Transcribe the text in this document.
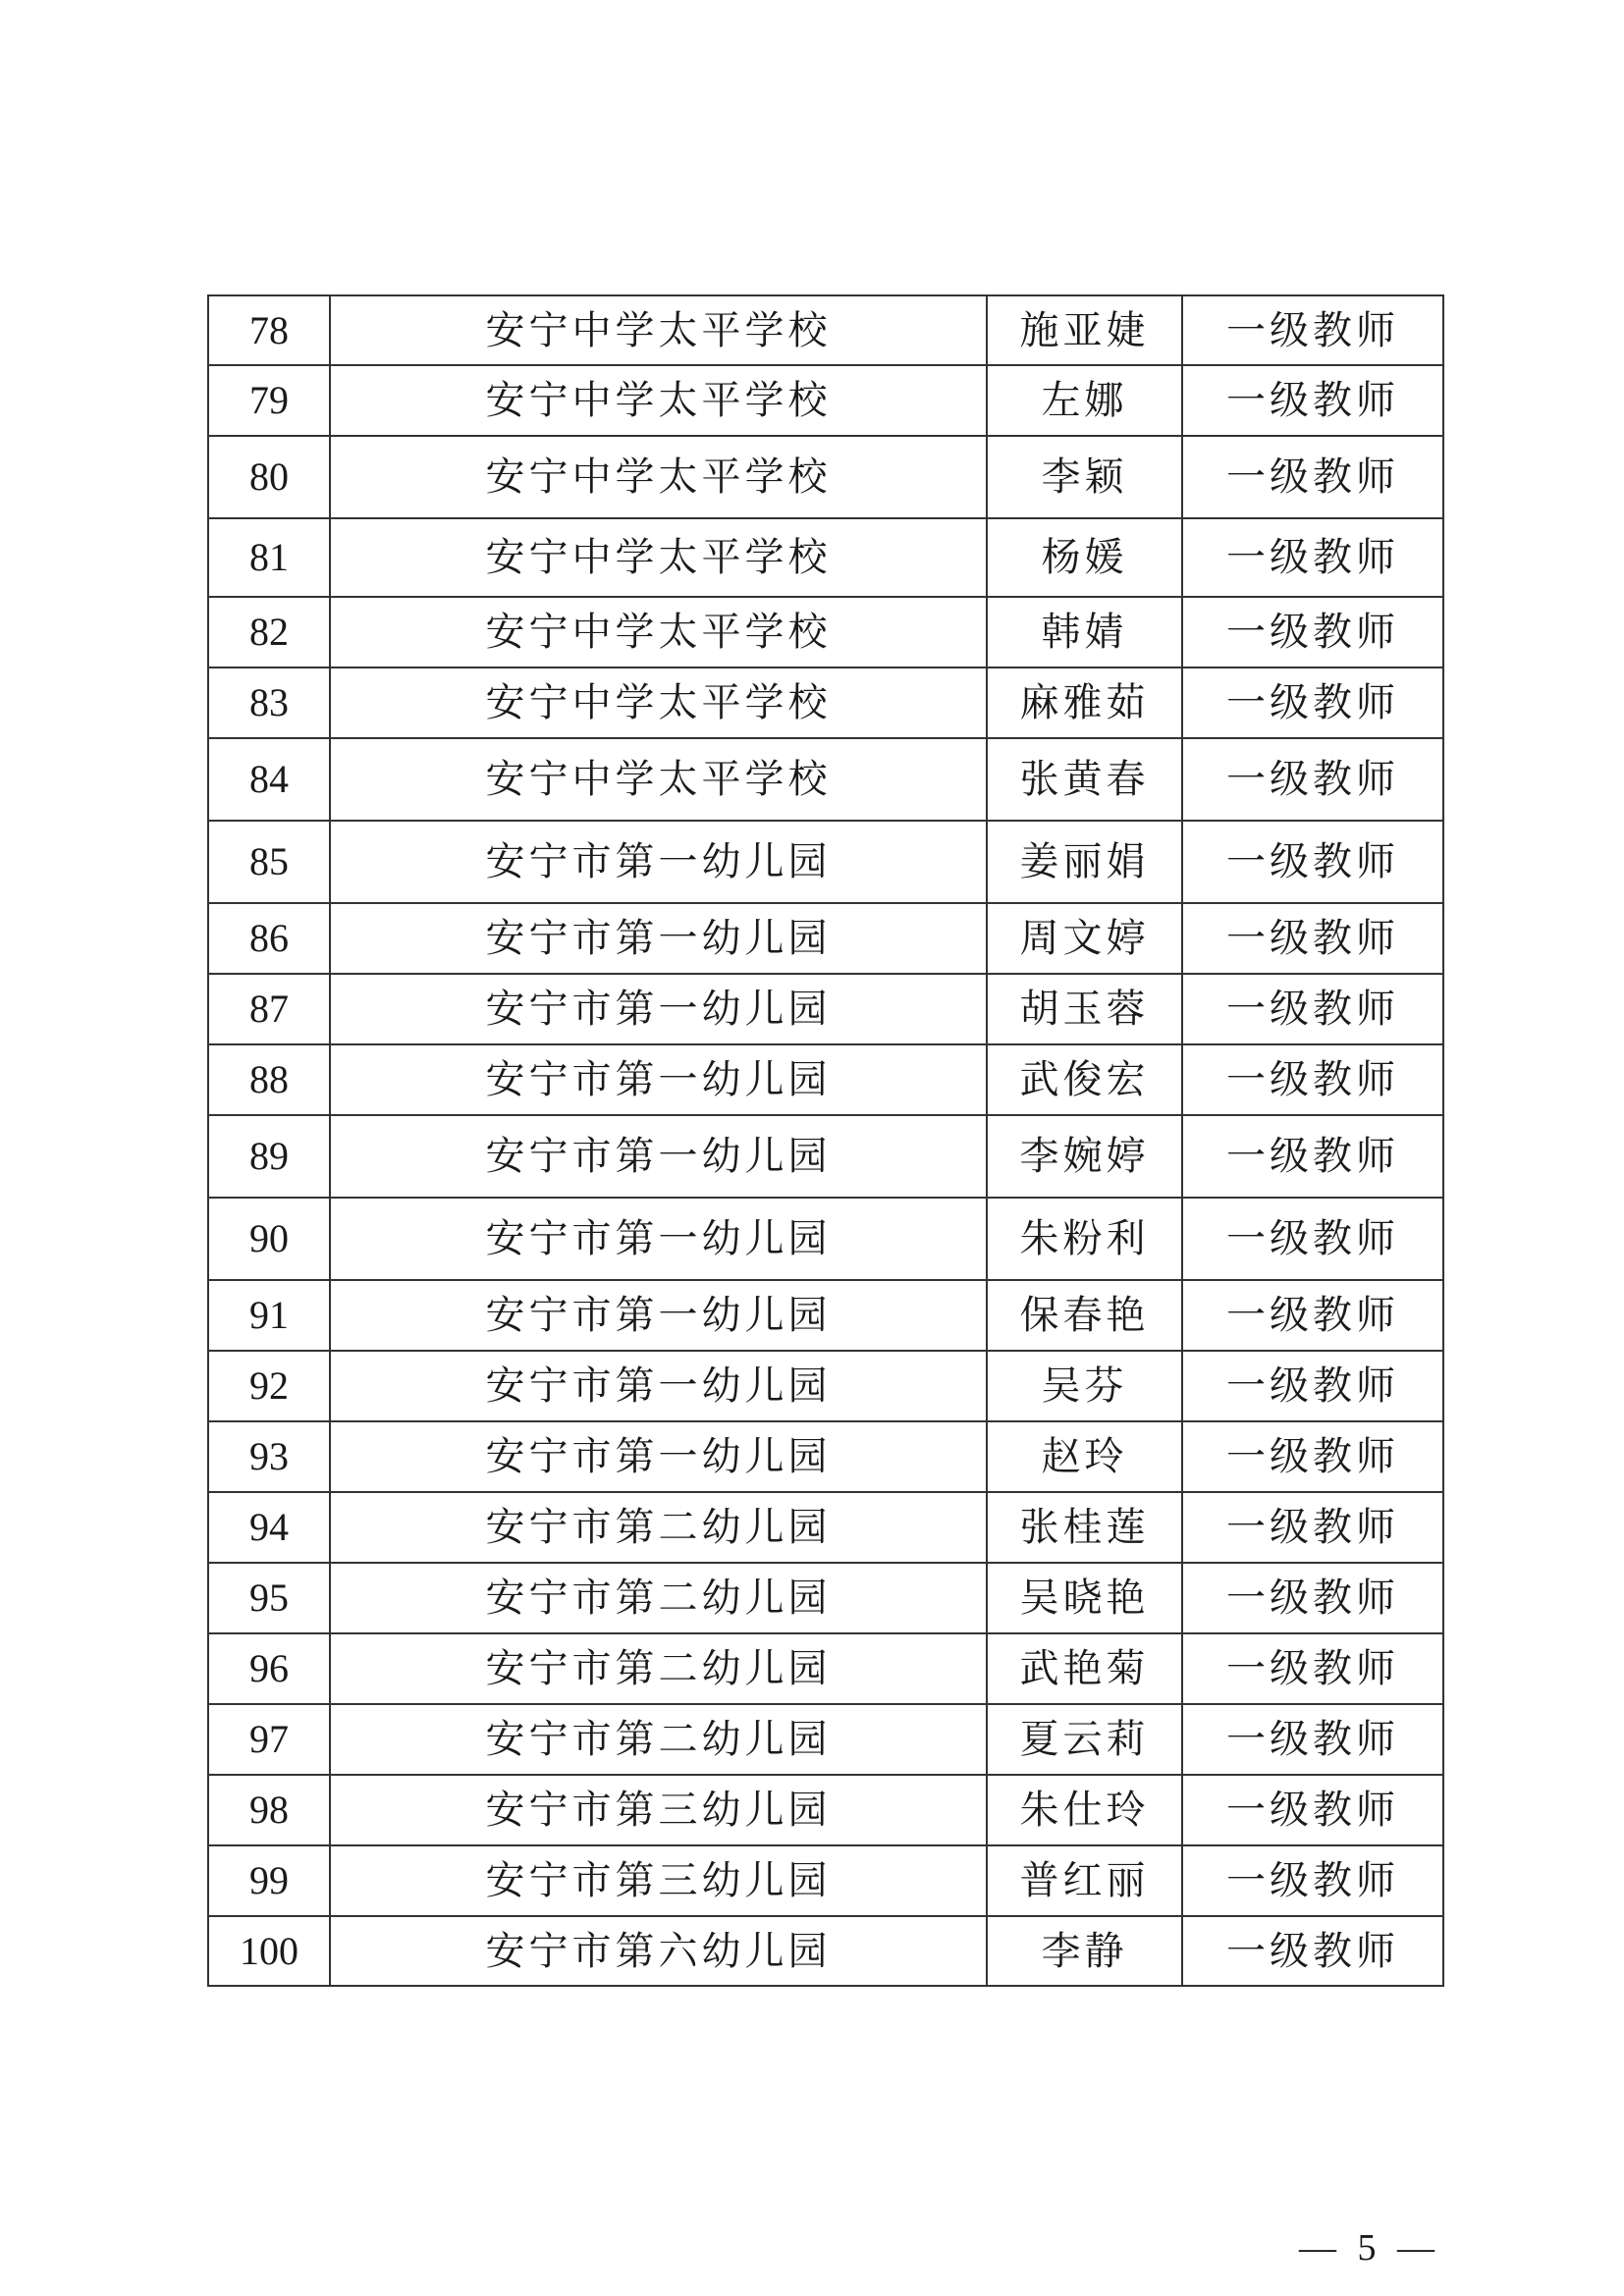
78	安宁中学太平学校	施亚婕	一级教师
79	安宁中学太平学校	左娜	一级教师
80	安宁中学太平学校	李颖	一级教师
81	安宁中学太平学校	杨媛	一级教师
82	安宁中学太平学校	韩婧	一级教师
83	安宁中学太平学校	麻雅茹	一级教师
84	安宁中学太平学校	张黄春	一级教师
85	安宁市第一幼儿园	姜丽娟	一级教师
86	安宁市第一幼儿园	周文婷	一级教师
87	安宁市第一幼儿园	胡玉蓉	一级教师
88	安宁市第一幼儿园	武俊宏	一级教师
89	安宁市第一幼儿园	李婉婷	一级教师
90	安宁市第一幼儿园	朱粉利	一级教师
91	安宁市第一幼儿园	保春艳	一级教师
92	安宁市第一幼儿园	吴芬	一级教师
93	安宁市第一幼儿园	赵玲	一级教师
94	安宁市第二幼儿园	张桂莲	一级教师
95	安宁市第二幼儿园	吴晓艳	一级教师
96	安宁市第二幼儿园	武艳菊	一级教师
97	安宁市第二幼儿园	夏云莉	一级教师
98	安宁市第三幼儿园	朱仕玲	一级教师
99	安宁市第三幼儿园	普红丽	一级教师
100	安宁市第六幼儿园	李静	一级教师
— 5 —
